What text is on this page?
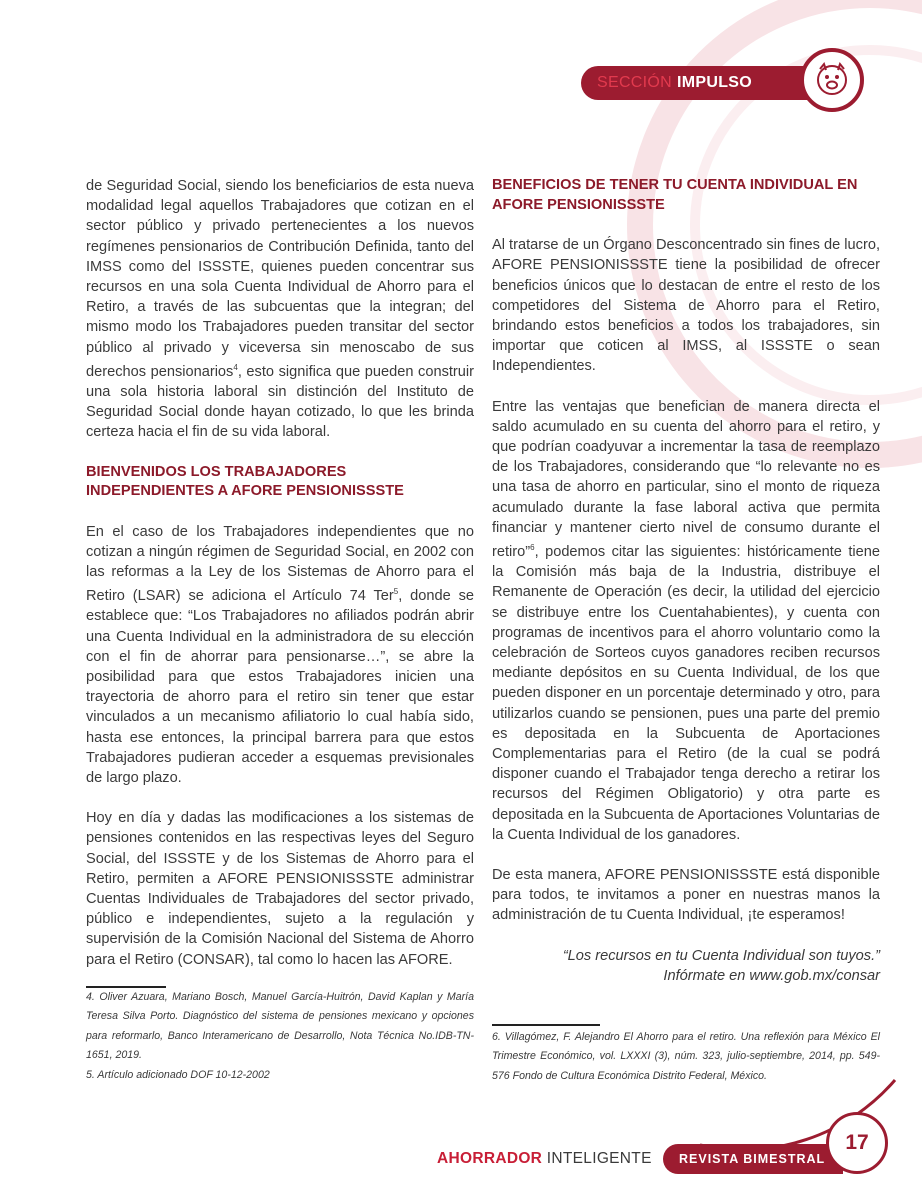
SECCIÓN IMPULSO

de Seguridad Social, siendo los beneficiarios de esta nueva modalidad legal aquellos Trabajadores que cotizan en el sector público y privado pertenecientes a los nuevos regímenes pensionarios de Contribución Definida, tanto del IMSS como del ISSSTE, quienes pueden concentrar sus recursos en una sola Cuenta Individual de Ahorro para el Retiro, a través de las subcuentas que la integran; del mismo modo los Trabajadores pueden transitar del sector público al privado y viceversa sin menoscabo de sus derechos pensionarios$^4$, esto significa que pueden construir una sola historia laboral sin distinción del Instituto de Seguridad Social donde hayan cotizado, lo que les brinda certeza hacia el fin de su vida laboral.

BIENVENIDOS LOS TRABAJADORES INDEPENDIENTES A AFORE PENSIONISSSTE

En el caso de los Trabajadores independientes que no cotizan a ningún régimen de Seguridad Social, en 2002 con las reformas a la Ley de los Sistemas de Ahorro para el Retiro (LSAR) se adiciona el Artículo 74 Ter$^5$, donde se establece que: “Los Trabajadores no afiliados podrán abrir una Cuenta Individual en la administradora de su elección con el fin de ahorrar para pensionarse…”, se abre la posibilidad para que estos Trabajadores inicien una trayectoria de ahorro para el retiro sin tener que estar vinculados a un mecanismo afiliatorio lo cual había sido, hasta ese entonces, la principal barrera para que estos Trabajadores pudieran acceder a esquemas previsionales de largo plazo.

Hoy en día y dadas las modificaciones a los sistemas de pensiones contenidos en las respectivas leyes del Seguro Social, del ISSSTE y de los Sistemas de Ahorro para el Retiro, permiten a AFORE PENSIONISSSTE administrar Cuentas Individuales de Trabajadores del sector privado, público e independientes, sujeto a la regulación y supervisión de la Comisión Nacional del Sistema de Ahorro para el Retiro (CONSAR), tal como lo hacen las AFORE.

BENEFICIOS DE TENER TU CUENTA INDIVIDUAL EN AFORE PENSIONISSSTE

Al tratarse de un Órgano Desconcentrado sin fines de lucro, AFORE PENSIONISSSTE tiene la posibilidad de ofrecer beneficios únicos que lo destacan de entre el resto de los competidores del Sistema de Ahorro para el Retiro, brindando estos beneficios a todos los trabajadores, sin importar que coticen al IMSS, al ISSSTE o sean Independientes.

Entre las ventajas que benefician de manera directa el saldo acumulado en su cuenta del ahorro para el retiro, y que podrían coadyuvar a incrementar la tasa de reemplazo de los Trabajadores, considerando que “lo relevante no es una tasa de ahorro en particular, sino el monto de riqueza acumulado durante la fase laboral activa que permita financiar y mantener cierto nivel de consumo durante el retiro”$^6$, podemos citar las siguientes: históricamente tiene la Comisión más baja de la Industria, distribuye el Remanente de Operación (es decir, la utilidad del ejercicio se distribuye entre los Cuentahabientes), y cuenta con programas de incentivos para el ahorro voluntario como la celebración de Sorteos cuyos ganadores reciben recursos mediante depósitos en su Cuenta Individual, de los que pueden disponer en un porcentaje determinado y otro, para utilizarlos cuando se pensionen, pues una parte del premio es depositada en la Subcuenta de Aportaciones Complementarias para el Retiro (de la cual se podrá disponer cuando el Trabajador tenga derecho a retirar los recursos del Régimen Obligatorio) y otra parte es depositada en la Subcuenta de Aportaciones Voluntarias de la Cuenta Individual de los ganadores.

De esta manera, AFORE PENSIONISSSTE está disponible para todos, te invitamos a poner en nuestras manos la administración de tu Cuenta Individual, ¡te esperamos!

“Los recursos en tu Cuenta Individual son tuyos.”
Infórmate en www.gob.mx/consar

4. Oliver Azuara, Mariano Bosch, Manuel García-Huitrón, David Kaplan y María Teresa Silva Porto. Diagnóstico del sistema de pensiones mexicano y opciones para reformarlo, Banco Interamericano de Desarrollo, Nota Técnica No.IDB-TN-1651, 2019.

5. Artículo adicionado DOF 10-12-2002

6. Villagómez, F. Alejandro El Ahorro para el retiro. Una reflexión para México El Trimestre Económico, vol. LXXXI (3), núm. 323, julio-septiembre, 2014, pp. 549-576 Fondo de Cultura Económica Distrito Federal, México.

AHORRADOR INTELIGENTE	REVISTA BIMESTRAL
17
